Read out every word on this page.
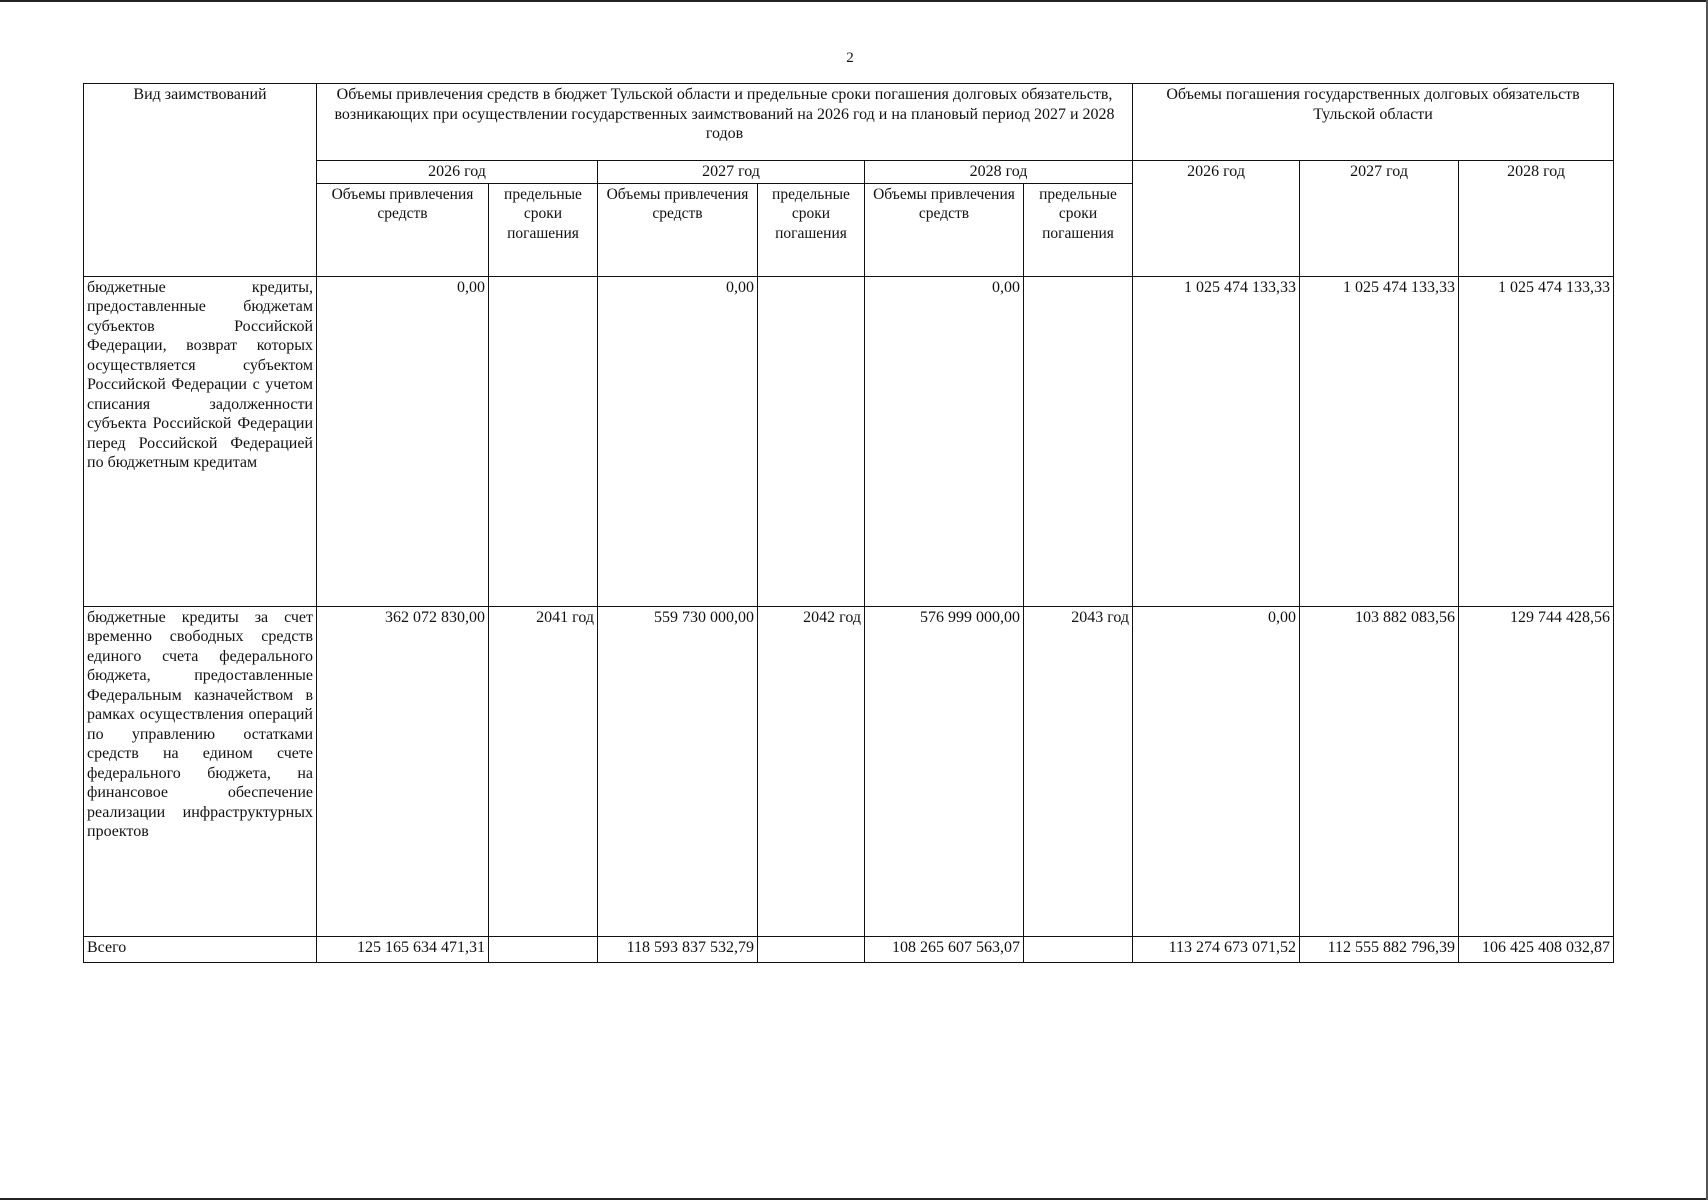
2
Вид заимствований	Объемы привлечения средств в бюджет Тульской области и предельные сроки погашения долговых обязательств, возникающих при осуществлении государственных заимствований на 2026 год и на плановый период 2027 и 2028 годов						Объемы погашения государственных долговых обязательств Тульской области		
	2026 год		2027 год		2028 год		2026 год	2027 год	2028 год
	Объемы привлечения средств	предельные сроки погашения	Объемы привлечения средств	предельные сроки погашения	Объемы привлечения средств	предельные сроки погашения			
бюджетные кредиты, предоставленные бюджетам субъектов Российской Федерации, возврат которых осуществляется субъектом Российской Федерации с учетом списания задолженности субъекта Российской Федерации перед Российской Федерацией по бюджетным кредитам	0,00		0,00		0,00		1 025 474 133,33	1 025 474 133,33	1 025 474 133,33
бюджетные кредиты за счет временно свободных средств единого счета федерального бюджета, предоставленные Федеральным казначейством в рамках осуществления операций по управлению остатками средств на едином счете федерального бюджета, на финансовое обеспечение реализации инфраструктурных проектов	362 072 830,00	2041 год	559 730 000,00	2042 год	576 999 000,00	2043 год	0,00	103 882 083,56	129 744 428,56
Всего	125 165 634 471,31		118 593 837 532,79		108 265 607 563,07		113 274 673 071,52	112 555 882 796,39	106 425 408 032,87
